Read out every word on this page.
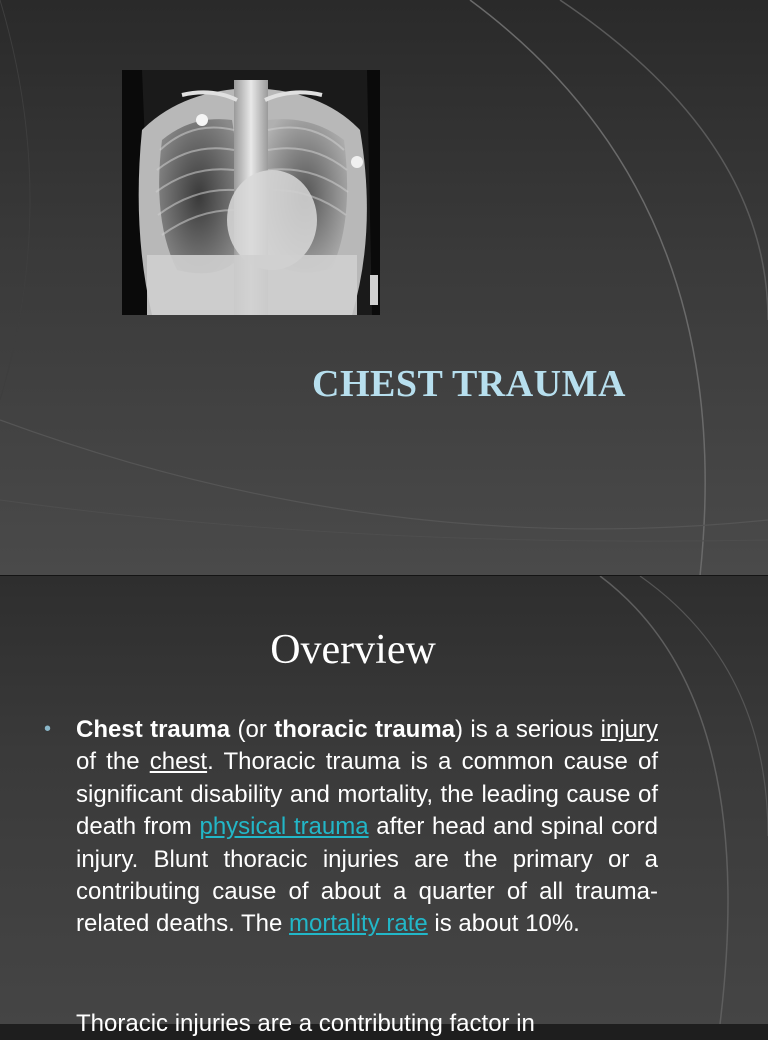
CHEST TRAUMA
Overview
• Chest trauma (or thoracic trauma) is a serious injury of the chest. Thoracic trauma is a common cause of significant disability and mortality, the leading cause of death from physical trauma after head and spinal cord injury. Blunt thoracic injuries are the primary or a contributing cause of about a quarter of all trauma-related deaths. The mortality rate is about 10%.

Thoracic injuries are a contributing factor in
